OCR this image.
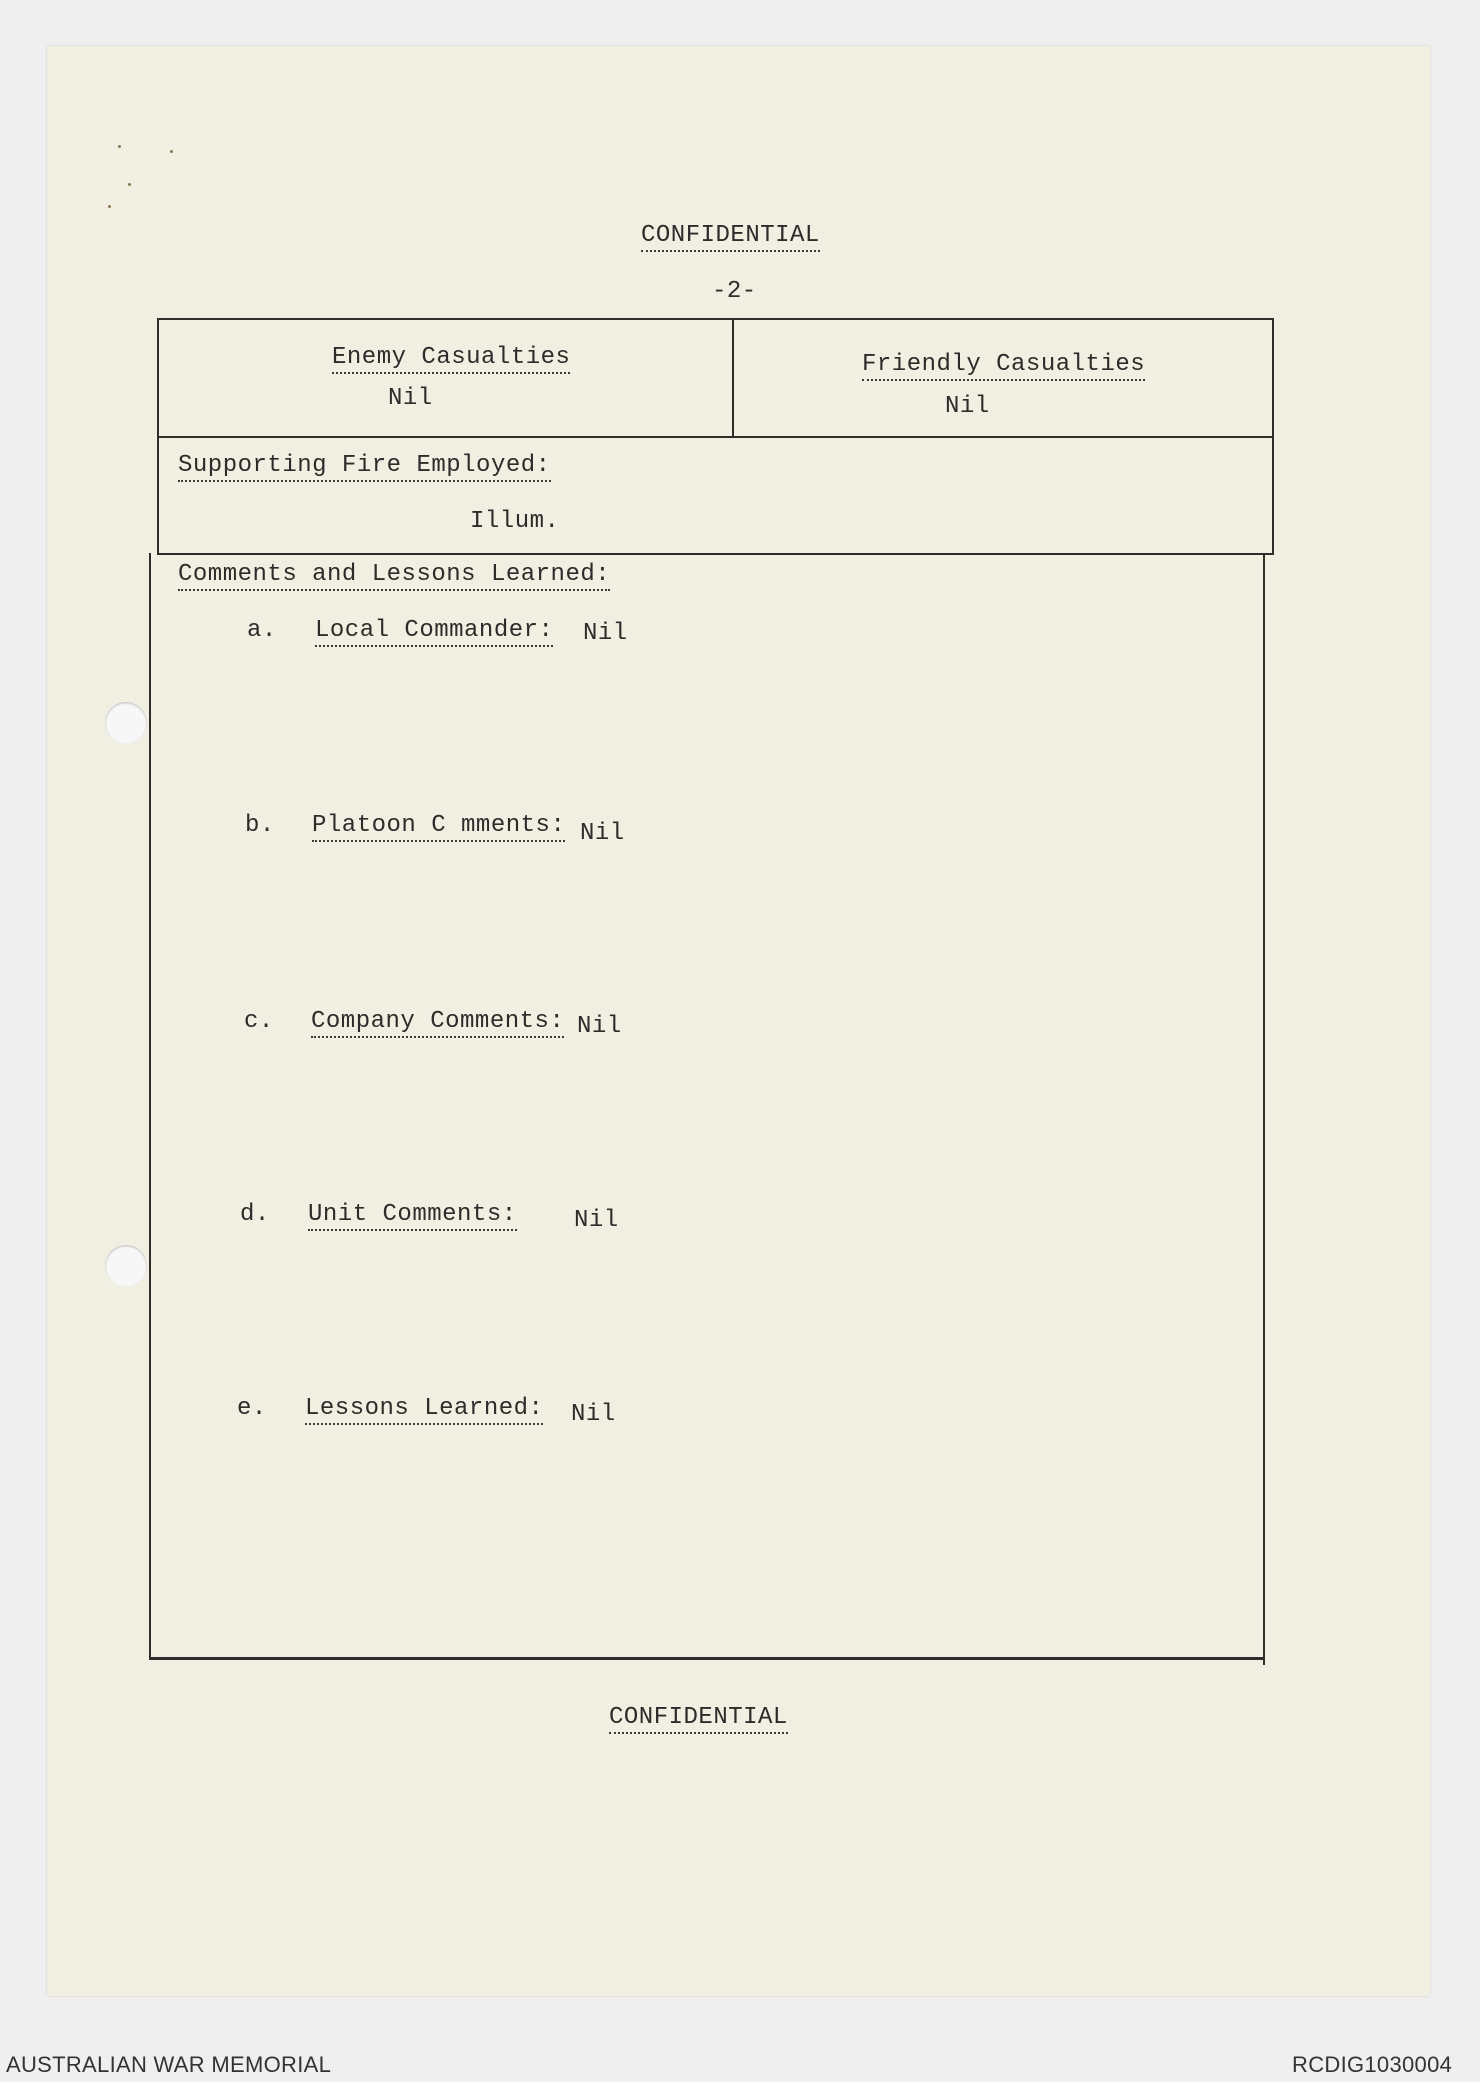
CONFIDENTIAL
-2-
Enemy Casualties
Nil
Friendly Casualties
Nil
Supporting Fire Employed:
Illum.
Comments and Lessons Learned:
a. Local Commander: Nil
b. Platoon C mments: Nil
c. Company Comments: Nil
d. Unit Comments: Nil
e. Lessons Learned: Nil
CONFIDENTIAL
AUSTRALIAN WAR MEMORIAL	RCDIG1030004
